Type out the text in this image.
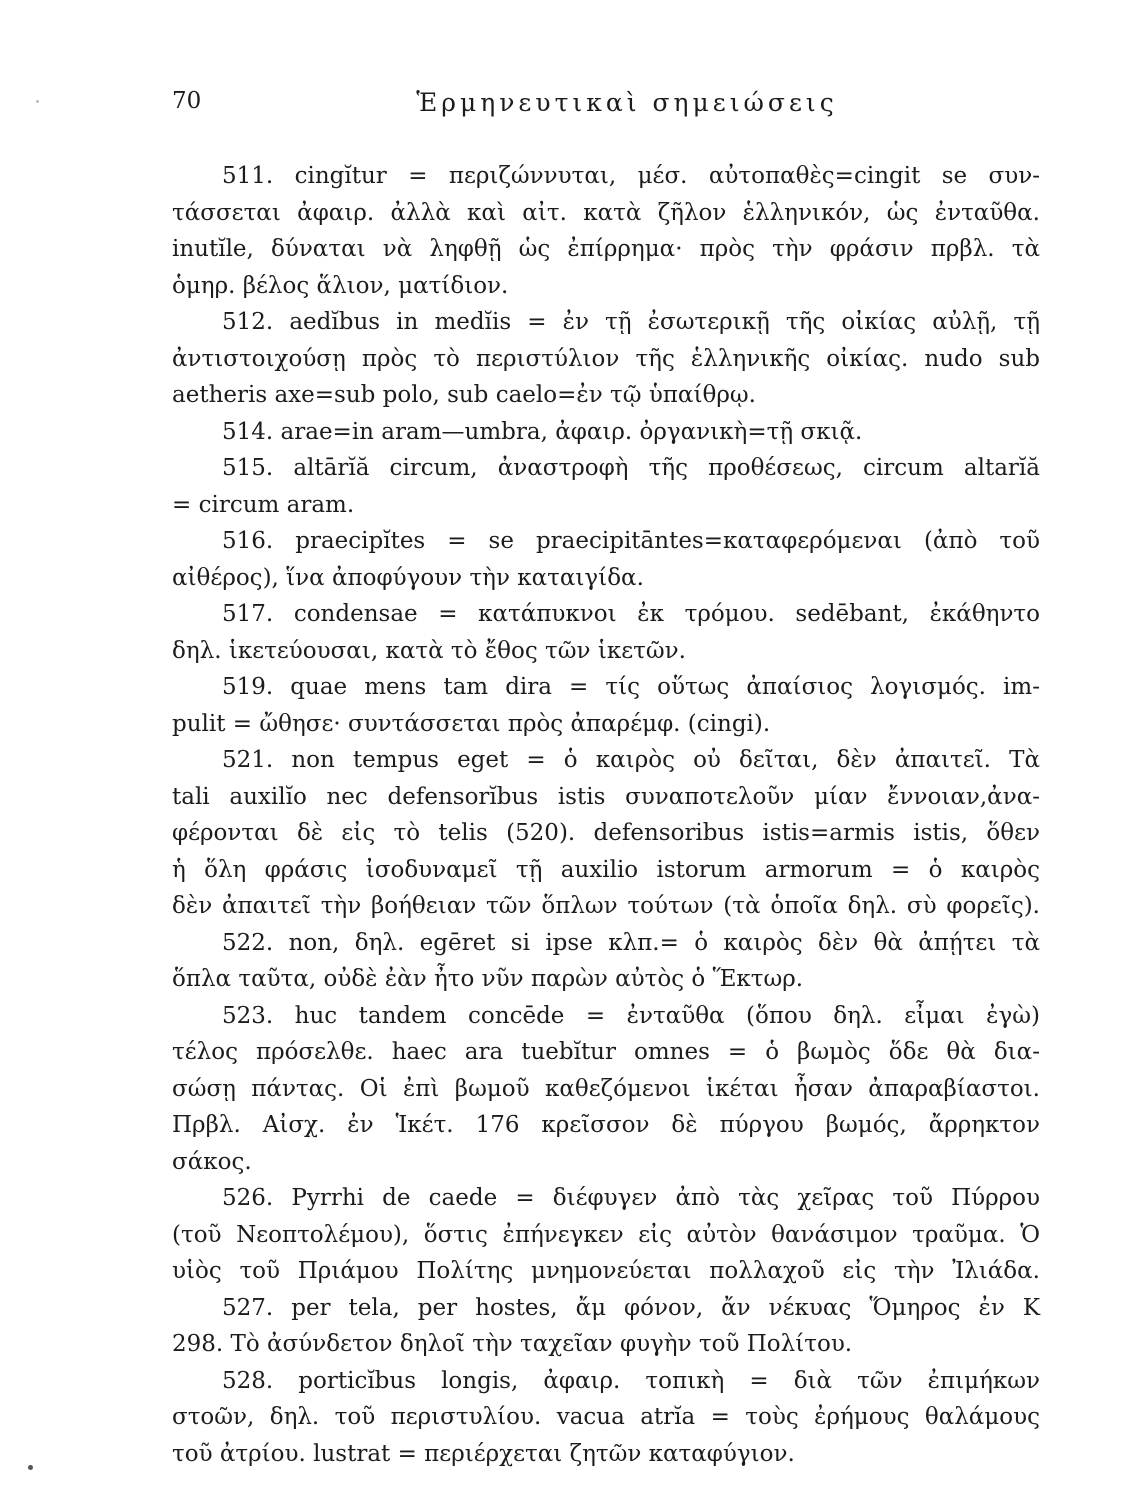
70	Ἑρμηνευτικαὶ σημειώσεις
511. cingĭtur = περιζώννυται, μέσ. αὐτοπαθὲς=cingit se συν-
τάσσεται ἀφαιρ. ἀλλὰ καὶ αἰτ. κατὰ ζῆλον ἑλληνικόν, ὡς ἐνταῦθα.
inutĭle, δύναται νὰ ληφθῇ ὡς ἐπίρρημα· πρὸς τὴν φράσιν πρβλ. τὰ
ὁμηρ. βέλος ἅλιον, ματίδιον.
512. aedĭbus in medĭis = ἐν τῇ ἐσωτερικῇ τῆς οἰκίας αὐλῇ, τῇ
ἀντιστοιχούσῃ πρὸς τὸ περιστύλιον τῆς ἑλληνικῆς οἰκίας. nudo sub
aetheris axe=sub polo, sub caelo=ἐν τῷ ὑπαίθρῳ.
514. arae=in aram—umbra, ἀφαιρ. ὀργανικὴ=τῇ σκιᾷ.
515. altārĭă circum, ἀναστροφὴ τῆς προθέσεως, circum altarĭă
= circum aram.
516. praecipĭtes = se praecipitāntes=καταφερόμεναι (ἀπὸ τοῦ
αἰθέρος), ἵνα ἀποφύγουν τὴν καταιγίδα.
517. condensae = κατάπυκνοι ἐκ τρόμου. sedēbant, ἐκάθηντο
δηλ. ἱκετεύουσαι, κατὰ τὸ ἔθος τῶν ἱκετῶν.
519. quae mens tam dira = τίς οὕτως ἀπαίσιος λογισμός. im-
pulit = ὤθησε· συντάσσεται πρὸς ἀπαρέμφ. (cingi).
521. non tempus eget = ὁ καιρὸς οὐ δεῖται, δὲν ἀπαιτεῖ. Τὰ
tali auxilĭo nec defensorĭbus istis συναποτελοῦν μίαν ἔννοιαν,ἀνα-
φέρονται δὲ εἰς τὸ telis (520). defensoribus istis=armis istis, ὅθεν
ἡ ὅλη φράσις ἰσοδυναμεῖ τῇ auxilio istorum armorum = ὁ καιρὸς
δὲν ἀπαιτεῖ τὴν βοήθειαν τῶν ὅπλων τούτων (τὰ ὁποῖα δηλ. σὺ φορεῖς).
522. non, δηλ. egēret si ipse κλπ.= ὁ καιρὸς δὲν θὰ ἀπῄτει τὰ
ὅπλα ταῦτα, οὐδὲ ἐὰν ἦτο νῦν παρὼν αὐτὸς ὁ Ἕκτωρ.
523. huc tandem concēde = ἐνταῦθα (ὅπου δηλ. εἶμαι ἐγὼ)
τέλος πρόσελθε. haec ara tuebĭtur omnes = ὁ βωμὸς ὅδε θὰ δια-
σώσῃ πάντας. Οἱ ἐπὶ βωμοῦ καθεζόμενοι ἱκέται ἦσαν ἀπαραβίαστοι.
Πρβλ. Αἰσχ. ἐν Ἱκέτ. 176 κρεῖσσον δὲ πύργου βωμός, ἄρρηκτον
σάκος.
526. Pyrrhi de caede = διέφυγεν ἀπὸ τὰς χεῖρας τοῦ Πύρρου
(τοῦ Νεοπτολέμου), ὅστις ἐπήνεγκεν εἰς αὐτὸν θανάσιμον τραῦμα. Ὁ
υἱὸς τοῦ Πριάμου Πολίτης μνημονεύεται πολλαχοῦ εἰς τὴν Ἰλιάδα.
527. per tela, per hostes, ἄμ φόνον, ἄν νέκυας Ὅμηρος ἐν Κ
298. Τὸ ἀσύνδετον δηλοῖ τὴν ταχεῖαν φυγὴν τοῦ Πολίτου.
528. porticĭbus longis, ἀφαιρ. τοπικὴ = διὰ τῶν ἐπιμήκων
στοῶν, δηλ. τοῦ περιστυλίου. vacua atrĭa = τοὺς ἐρήμους θαλάμους
τοῦ ἀτρίου. lustrat = περιέρχεται ζητῶν καταφύγιον.
